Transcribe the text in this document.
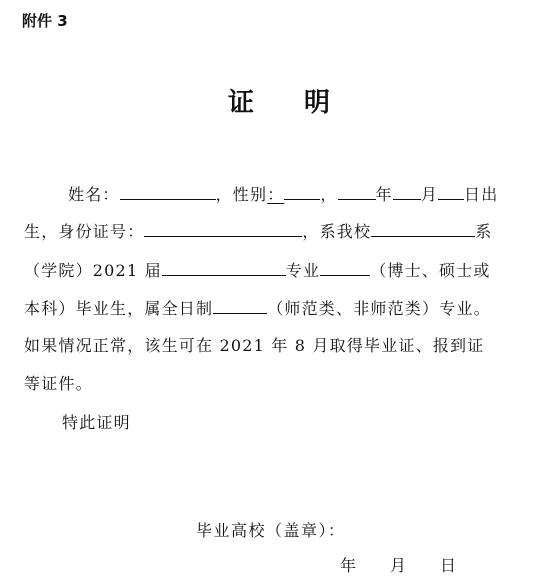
附件 3
证 明
姓名：	，性别： ， 年 月 日出
生，身份证号：	，系我校	系
（学院）2021 届	专业	（博士、硕士或
本科）毕业生，属全日制	（师范类、非师范类）专业。
如果情况正常，该生可在 2021 年 8 月取得毕业证、报到证
等证件。
特此证明
毕业高校（盖章）：
年 月 日
